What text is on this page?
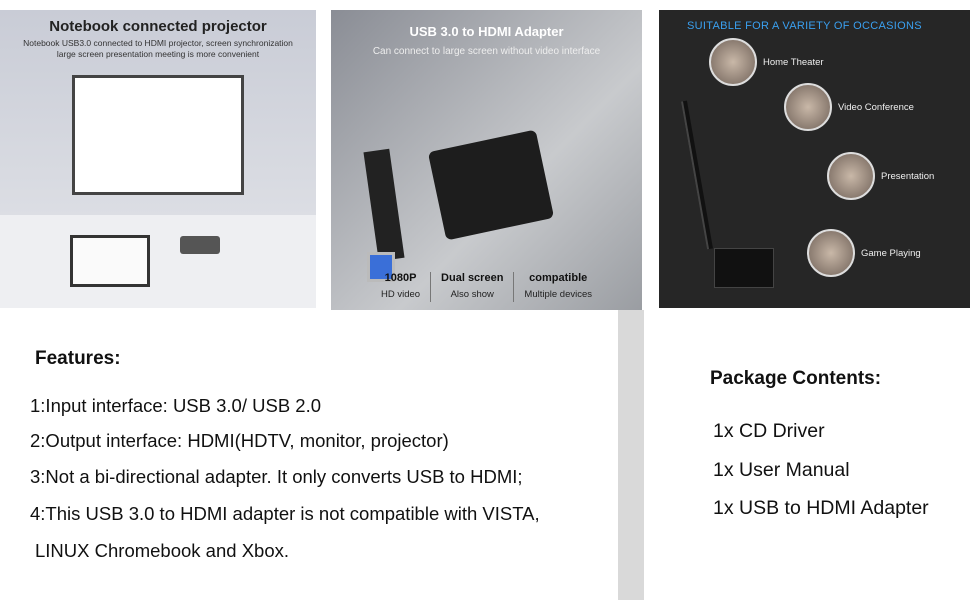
Notebook connected projector
Notebook USB3.0 connected to HDMI projector, screen synchronization
large screen presentation meeting is more convenient
USB 3.0 to HDMI Adapter
Can connect to large screen without video interface
1080P
HD video
Dual screen
Also show
compatible
Multiple devices
SUITABLE FOR A VARIETY OF OCCASIONS
Home Theater
Video Conference
Presentation
Game Playing
Features:
1:Input interface: USB 3.0/ USB 2.0
2:Output interface: HDMI(HDTV, monitor, projector)
3:Not a bi-directional adapter. It only converts USB to HDMI;
4:This USB 3.0 to HDMI adapter is not compatible with VISTA,
LINUX Chromebook and Xbox.
Package Contents:
1x CD Driver
1x User Manual
1x USB to HDMI Adapter
